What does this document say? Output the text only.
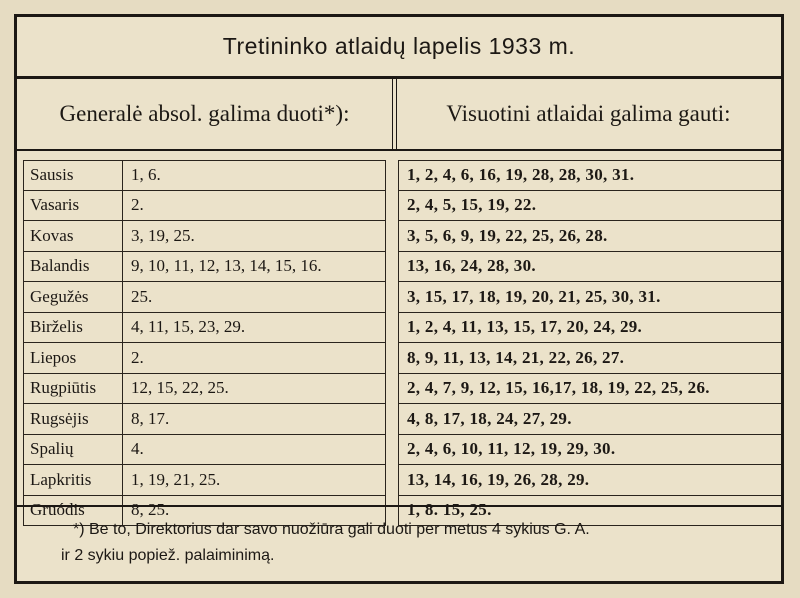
Tretininko atlaidų lapelis 1933 m.
Generalė absol. galima duoti*):	Visuotini atlaidai galima gauti:
Sausis	1, 6.	1, 2, 4, 6, 16, 19, 28, 28, 30, 31.
Vasaris	2.	2, 4, 5, 15, 19, 22.
Kovas	3, 19, 25.	3, 5, 6, 9, 19, 22, 25, 26, 28.
Balandis	9, 10, 11, 12, 13, 14, 15, 16.	13, 16, 24, 28, 30.
Gegužės	25.	3, 15, 17, 18, 19, 20, 21, 25, 30, 31.
Birželis	4, 11, 15, 23, 29.	1, 2, 4, 11, 13, 15, 17, 20, 24, 29.
Liepos	2.	8, 9, 11, 13, 14, 21, 22, 26, 27.
Rugpiūtis	12, 15, 22, 25.	2, 4, 7, 9, 12, 15, 16,17, 18, 19, 22, 25, 26.
Rugsėjis	8, 17.	4, 8, 17, 18, 24, 27, 29.
Spalių	4.	2, 4, 6, 10, 11, 12, 19, 29, 30.
Lapkritis	1, 19, 21, 25.	13, 14, 16, 19, 26, 28, 29.
Gruódis	8, 25.	1, 8. 15, 25.
*) Be to, Direktorius dar savo nuožiūra gali duoti per metus 4 sykius G. A.
ir 2 sykiu popiež. palaiminimą.
